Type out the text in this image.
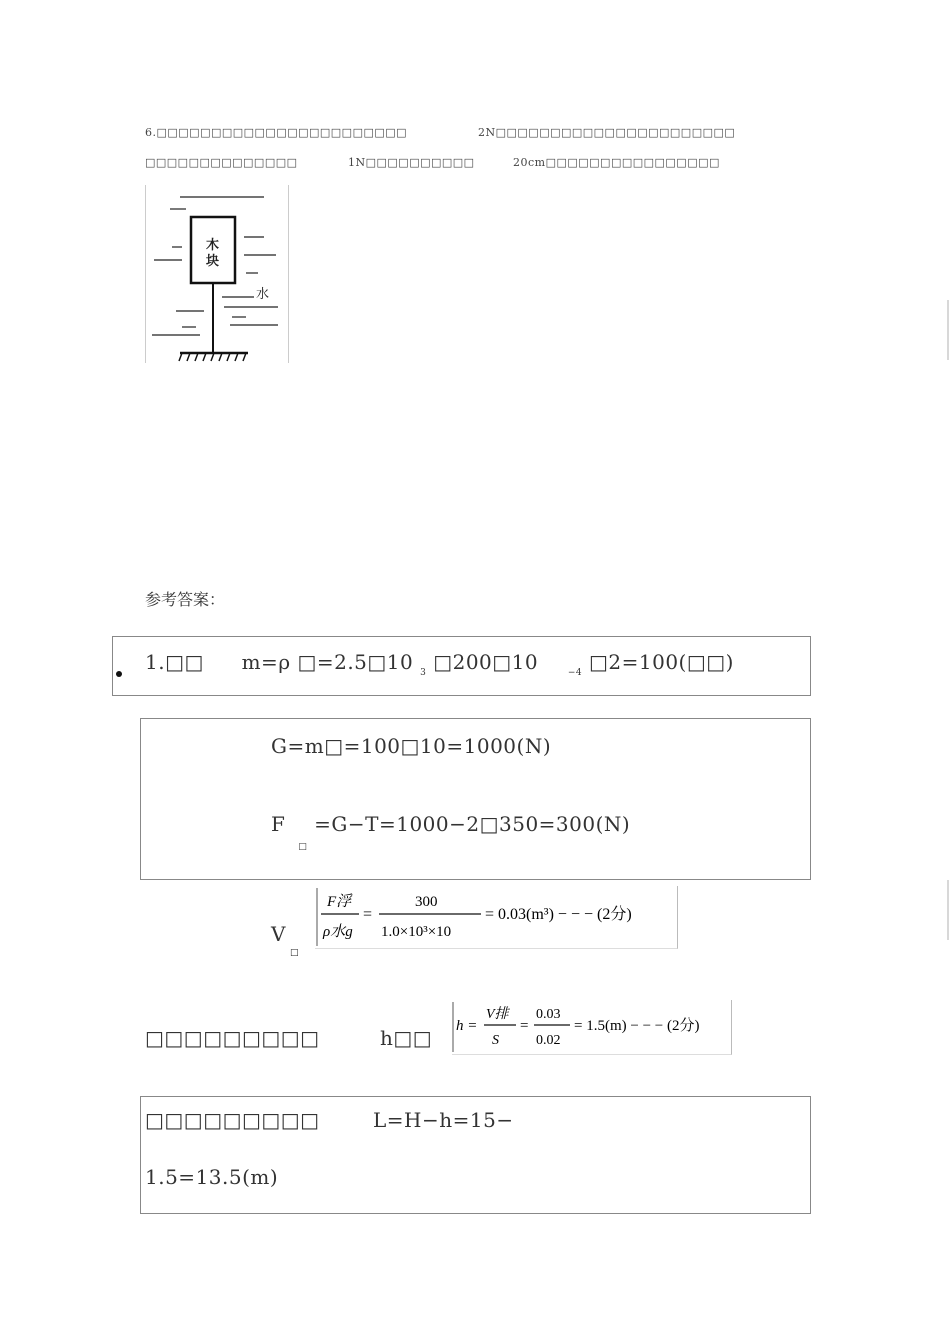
6.□□□□□□□□□□□□□□□□□□□□□□□	2N□□□□□□□□□□□□□□□□□□□□□□
□□□□□□□□□□□□□□	1N□□□□□□□□□□	20cm□□□□□□□□□□□□□□□□
木
块
水
参考答案：
1.□□ m=ρ □=2.5□10 $_3$ □200□10	$_{-4}$ □2=100(□□)
G=m□=100□10=1000(N)
F $_□$ =G−T=1000−2□350=300(N)
V
□
F浮
ρ水g
=
300
1.0×10³×10
= 0.03(m³) − − − (2分)
□□□□□□□□□	h□□ h =
V排
S
=
0.03
0.02
= 1.5(m) − − − (2分)
□□□□□□□□□	L=H−h=15−
1.5=13.5(m)
